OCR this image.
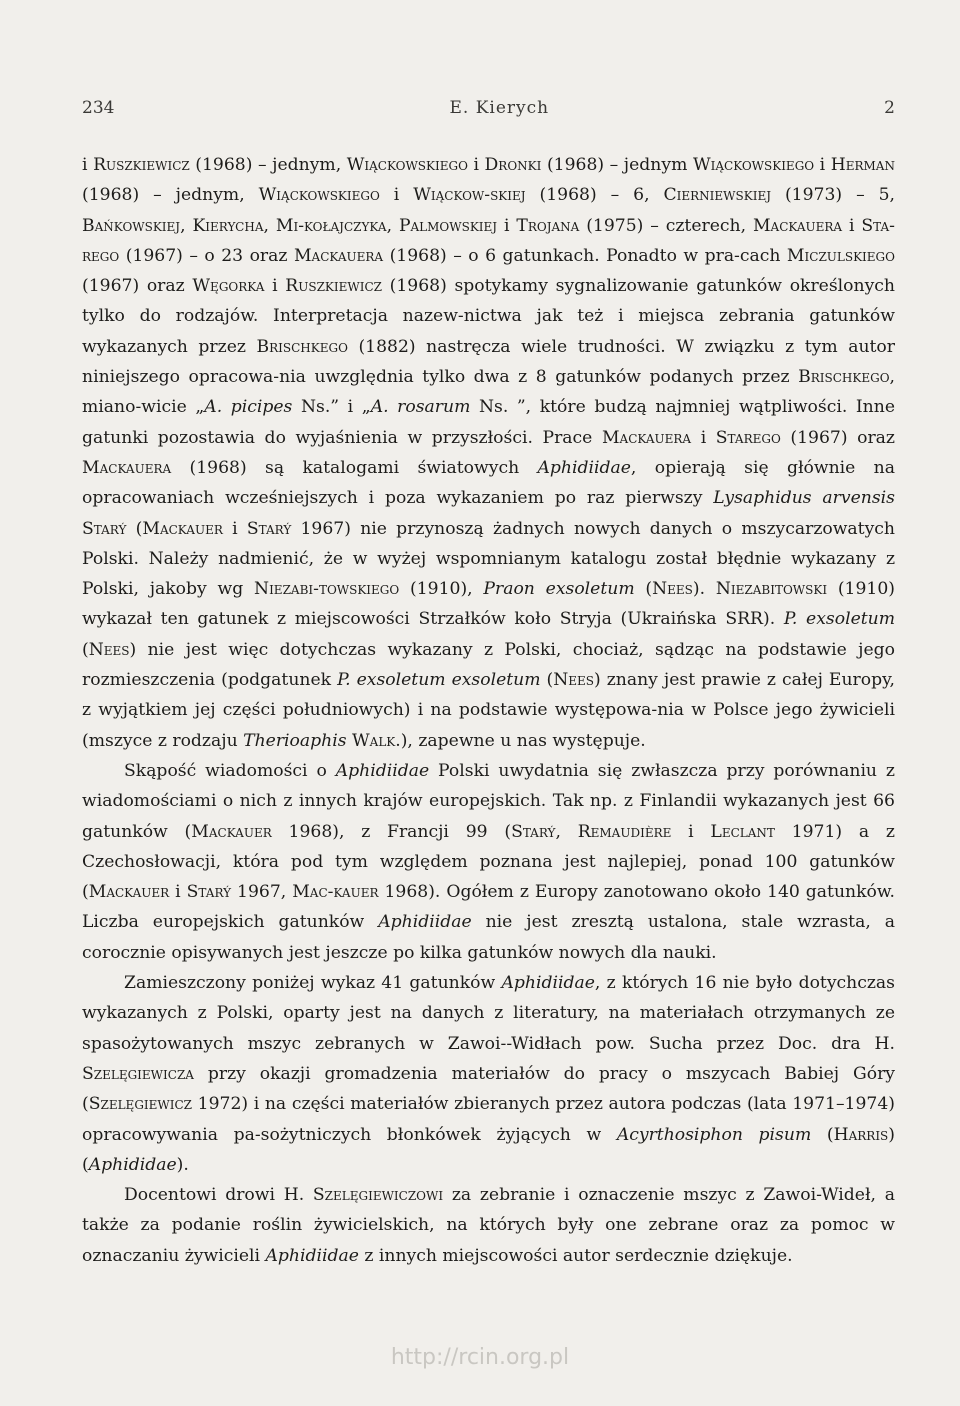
234	E. Kierych	2

i Ruszkiewicz (1968) – jednym, Wiąckowskiego i Dronki (1968) – jednym Wiąckowskiego i Herman (1968) – jednym, Wiąckowskiego i Wiąckow-skiej (1968) – 6, Cierniewskiej (1973) – 5, Bańkowskiej, Kierycha, Mi-kołajczyka, Palmowskiej i Trojana (1975) – czterech, Mackauera i Sta-rego (1967) – o 23 oraz Mackauera (1968) – o 6 gatunkach. Ponadto w pra-cach Miczulskiego (1967) oraz Węgorka i Ruszkiewicz (1968) spotykamy sygnalizowanie gatunków określonych tylko do rodzajów. Interpretacja nazew-nictwa jak też i miejsca zebrania gatunków wykazanych przez Brischkego (1882) nastręcza wiele trudności. W związku z tym autor niniejszego opracowa-nia uwzględnia tylko dwa z 8 gatunków podanych przez Brischkego, miano-wicie „A. picipes Ns.” i „A. rosarum Ns. ”, które budzą najmniej wątpliwości. Inne gatunki pozostawia do wyjaśnienia w przyszłości. Prace Mackauera i Starego (1967) oraz Mackauera (1968) są katalogami światowych Aphidiidae, opierają się głównie na opracowaniach wcześniejszych i poza wykazaniem po raz pierwszy Lysaphidus arvensis Starý (Mackauer i Starý 1967) nie przynoszą żadnych nowych danych o mszycarzowatych Polski. Należy nadmienić, że w wyżej wspomnianym katalogu został błędnie wykazany z Polski, jakoby wg Niezabi-towskiego (1910), Praon exsoletum (Nees). Niezabitowski (1910) wykazał ten gatunek z miejscowości Strzałków koło Stryja (Ukraińska SRR). P. exsoletum (Nees) nie jest więc dotychczas wykazany z Polski, chociaż, sądząc na podstawie jego rozmieszczenia (podgatunek P. exsoletum exsoletum (Nees) znany jest prawie z całej Europy, z wyjątkiem jej części południowych) i na podstawie występowa-nia w Polsce jego żywicieli (mszyce z rodzaju Therioaphis Walk.), zapewne u nas występuje.

Skąpość wiadomości o Aphidiidae Polski uwydatnia się zwłaszcza przy porównaniu z wiadomościami o nich z innych krajów europejskich. Tak np. z Finlandii wykazanych jest 66 gatunków (Mackauer 1968), z Francji 99 (Starý, Remaudière i Leclant 1971) a z Czechosłowacji, która pod tym względem poznana jest najlepiej, ponad 100 gatunków (Mackauer i Starý 1967, Mac-kauer 1968). Ogółem z Europy zanotowano około 140 gatunków. Liczba europejskich gatunków Aphidiidae nie jest zresztą ustalona, stale wzrasta, a corocznie opisywanych jest jeszcze po kilka gatunków nowych dla nauki.

Zamieszczony poniżej wykaz 41 gatunków Aphidiidae, z których 16 nie było dotychczas wykazanych z Polski, oparty jest na danych z literatury, na materiałach otrzymanych ze spasożytowanych mszyc zebranych w Zawoi--Widłach pow. Sucha przez Doc. dra H. Szelęgiewicza przy okazji gromadzenia materiałów do pracy o mszycach Babiej Góry (Szelęgiewicz 1972) i na części materiałów zbieranych przez autora podczas (lata 1971–1974) opracowywania pa-sożytniczych błonkówek żyjących w Acyrthosiphon pisum (Harris) (Aphididae).

Docentowi drowi H. Szelęgiewiczowi za zebranie i oznaczenie mszyc z Zawoi-Wideł, a także za podanie roślin żywicielskich, na których były one zebrane oraz za pomoc w oznaczaniu żywicieli Aphidiidae z innych miejscowości autor serdecznie dziękuje.

http://rcin.org.pl
